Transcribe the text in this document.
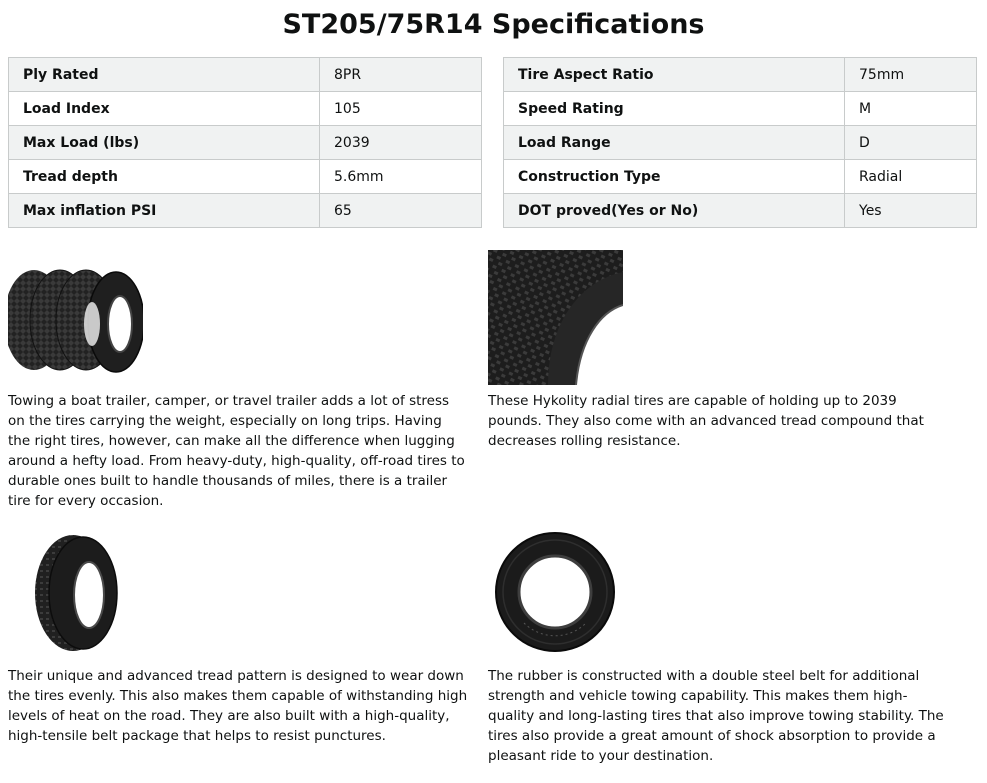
ST205/75R14 Specifications
Ply Rated	8PR
Load Index	105
Max Load (lbs)	2039
Tread depth	5.6mm
Max inflation PSI	65
Tire Aspect Ratio	75mm
Speed Rating	M
Load Range	D
Construction Type	Radial
DOT proved(Yes or No)	Yes

Towing a boat trailer, camper, or travel trailer adds a lot of stress on the tires carrying the weight, especially on long trips. Having the right tires, however, can make all the difference when lugging around a hefty load. From heavy-duty, high-quality, off-road tires to durable ones built to handle thousands of miles, there is a trailer tire for every occasion.

These Hykolity radial tires are capable of holding up to 2039 pounds. They also come with an advanced tread compound that decreases rolling resistance.

Their unique and advanced tread pattern is designed to wear down the tires evenly. This also makes them capable of withstanding high levels of heat on the road. They are also built with a high-quality, high-tensile belt package that helps to resist punctures.

The rubber is constructed with a double steel belt for additional strength and vehicle towing capability. This makes them high-quality and long-lasting tires that also improve towing stability. The tires also provide a great amount of shock absorption to provide a pleasant ride to your destination.
